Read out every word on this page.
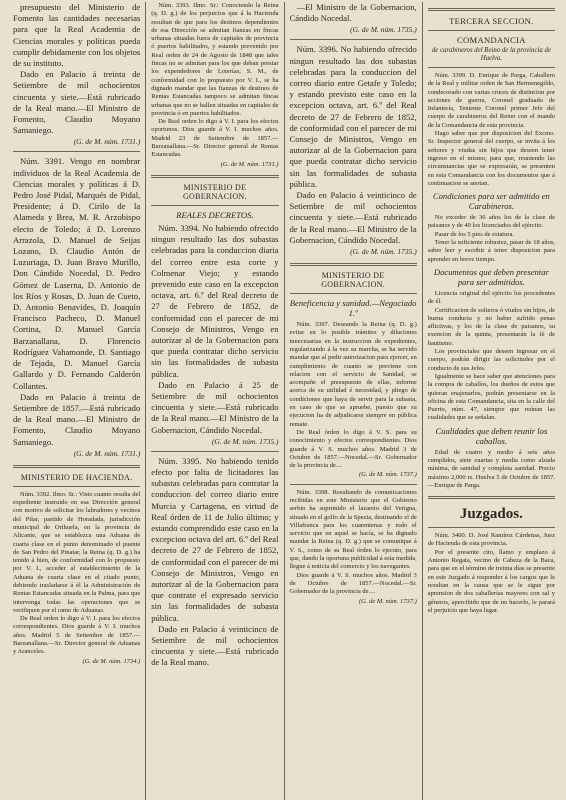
presupuesto del Ministerio de Fomento las cantidades necesarias para que la Real Academia de Ciencias morales y políticas pueda cumplir debidamente con los objetos de su instituto.

Dado en Palacio á treinta de Setiembre de mil ochocientos cincuenta y siete.—Está rubricado de la Real mano.—El Ministro de Fomento, Claudio Moyano Samaniego.

(G. de M. núm. 1731.)

Núm. 3391. Vengo en nombrar individuos de la Real Academia de Ciencias morales y políticas á D. Pedro José Pidal, Marqués de Pidal, Presidente; á D. Cirilo de la Alameda y Brea, M. R. Arzobispo electo de Toledo; á D. Lorenzo Arrazola, D. Manuel de Seijas Lozano, D. Claudio Antón de Luzuriaga, D. Juan Bravo Murillo, Don Cándido Nocedal, D. Pedro Gómez de Laserna, D. Antonio de los Ríos y Rosas, D. Juan de Cueto, D. Antonio Benavides, D. Joaquín Francisco Pacheco, D. Manuel Cortina, D. Manuel García Barzanallana, D. Florencio Rodríguez Vahamonde, D. Santiago de Tejada, D. Manuel García Gallardo y D. Fernando Calderón Collantes.

Dado en Palacio á treinta de Setiembre de 1857.—Está rubricado de la Real mano.—El Ministro de Fomento, Claudio Moyano Samaniego.

(G. de M. núm. 1731.)
MINISTERIO DE HACIENDA.

Núm. 3392. Ilmo. Sr.: Visto cuanto resulta del expediente instruido en esa Dirección general con motivo de solicitar los labradores y vecinos del Pilar, partido de Horadada, jurisdicción municipal de Orihuela, en la provincia de Alicante, que se establezca una Aduana de cuarta clase en el punto denominado el puente de San Pedro del Pinatar, la Reina (q. D. g.) ha tenido á bien, de conformidad con lo propuesto por V. I., acceder al establecimiento de la Aduana de cuarta clase en el citado punto, debiendo trasladarse á él la Administración de Rentas Estancadas situada en la Palma, para que intervenga todas las operaciones que se verifiquen por el ramo de Aduanas.

De Real orden lo digo á V. I. para los efectos correspondientes. Dios guarde á V. I. muchos años. Madrid 5 de Setiembre de 1857.—Barzanallana.—Sr. Director general de Aduanas y Aranceles.

(G. de M. núm. 1734.)

Núm. 3393. Ilmo. Sr.: Conociendo la Reina (q. D. g.) de los perjuicios que á la Hacienda resultan de que para los destinos dependientes de esa Dirección se admitan fianzas en fincas urbanas situadas fuera de capitales de provincia ó puertos habilitados, y estando prevenido por Real orden de 24 de Agosto de 1848 que tales fincas no se admitan para los que deban prestar los expendedores de Loterías; S. M., de conformidad con lo propuesto por V. I., se ha dignado mandar que las fianzas de destinos de Rentas Estancadas tampoco se admitan fincas urbanas que no se hallen situadas en capitales de provincia ó en puertos habilitados.

De Real orden lo digo á V. I. para los efectos oportunos. Dios guarde á V. I. muchos años. Madrid 23 de Setiembre de 1857.—Barzanallana.—Sr. Director general de Rentas Estancadas.

(G. de M. núm. 1731.)
MINISTERIO DE GOBERNACION.
REALES DECRETOS.

Núm. 3394. No habiendo ofrecido ningun resultado las dos subastas celebradas para la conduccion diaria del correo entre esta corte y Colmenar Viejo; y estando prevenido este caso en la excepcion octava, art. 6.º del Real decreto de 27 de Febrero de 1852, de conformidad con el parecer de mi Consejo de Ministros, Vengo en autorizar al de la Gobernacion para que pueda contratar dicho servicio sin las formalidades de subasta pública.

Dado en Palacio á 25 de Setiembre de mil ochocientos cincuenta y siete.—Está rubricado de la Real mano.—El Ministro de la Gobernacion, Cándido Nocedal.

(G. de M. núm. 1735.)

Núm. 3395. No habiendo tenido efecto por falta de licitadores las subastas celebradas para contratar la conduccion del correo diario entre Murcia y Cartagena, en virtud de Real órden de 11 de Julio último; y estando comprendido este caso en la excepcion octava del art. 6.º del Real decreto de 27 de Febrero de 1852, de conformidad con el parecer de mi Consejo de Ministros, Vengo en autorizar al de la Gobernacion para que contrate el expresado servicio sin las formalidades de subasta pública.

Dado en Palacio á veinticinco de Setiembre de mil ochocientos cincuenta y siete.—Está rubricado de la Real mano.

—El Ministro de la Gobernacion, Cándido Nocedal.

(G. de M. núm. 1735.)

Núm. 3396. No habiendo ofrecido ningun resultado las dos subastas celebradas para la conduccion del correo diario entre Getafe y Toledo; y estando previsto este caso en la excepcion octava, art. 6.º del Real decreto de 27 de Febrero de 1852, de conformidad con el parecer de mi Consejo de Ministros, Vengo en autorizar al de la Gobernacion para que pueda contratar dicho servicio sin las formalidades de subasta pública.

Dado en Palacio á veinticinco de Setiembre de mil ochocientos cincuenta y siete.—Está rubricado de la Real mano.—El Ministro de la Gobernacion, Cándido Nocedal.

(G. de M. núm. 1735.)
MINISTERIO DE GOBERNACION.
Beneficencia y sanidad.—Negociado 1.º

Núm. 3397. Deseando la Reina (q. D. g.) evitar en lo posible trámites y dilaciones innecesarias en la instruccion de expedientes, regularizando á la vez su marcha, se ha servido mandar que al pedir autorizacion para ejercer, en cumplimiento de cuanto se previene con relacion con el servicio de Sanidad, se acompañe el presupuesto de ellas, informe acerca de su utilidad é necesidad, y pliego de condiciones que haya de servir para la subasta, en caso de que se apruebe, puesto que su ejecucion ha de adjudicarse siempre en pública remate.

De Real órden lo digo á V. S. para su conocimiento y efectos correspondientes. Dios guarde á V. S. muchos años. Madrid 3 de Octubre de 1857.—Nocedal.—Sr. Gobernador de la provincia de....

(G. de M. núm. 1737.)

Núm. 3398. Resultando de comunicaciones recibidas en este Ministerio que el Gobierno serbio ha suprimido el lazareto del Verigna, situado en el golfo de la Spezia, destinando el de Villafranca para los cuarentenas y todo el servicio que en aquel se hacía, se ha dignado mandar la Reina (q. D. g.) que se comunique á V. S., como de su Real órden lo ejecuto, para que, dando la oportuna publicidad á esta medida, llegue á noticia del comercio y los navegantes.

Dios guarde á V. S. muchos años. Madrid 3 de Octubre de 1857.—Nocedal.—Sr. Gobernador de la provincia de....

(G. de M. núm. 1737.)
TERCERA SECCION.
COMANDANCIA
de carabineros del Reino de la provincia de Huelva.

Núm. 3399. D. Enrique de Parga, Caballero de la Real y militar orden de San Hermenegildo, condecorado con varias cruces de distincion por acciones de guerra, Coronel graduado de Infantería, Teniente Coronel primer Jefe del cuerpo de carabineros del Reino con el mando de la Comandancia de esta provincia.

Hago saber que por disposicion del Excmo. Sr. Inspector general del cuerpo, se invita á los señores y viudas sin hijos que deseen tener ingreso en el mismo, para que, reuniendo las circunstancias que se expresarán, se presenten en esta Comandancia con los documentos que á continuacion se anotan.

Condiciones para ser admitido en Carabineros.

No exceder de 36 años los de la clase de paisanos y de 40 los licenciados del ejército.

Pasar de los 5 pies de estatura.

Tener la suficiente robustez, pasar de 18 años, saber leer y escribir á tener disposicion para aprender en breve tiempo.

Documentos que deben presentar para ser admitidos.

Licencia original del ejército los procedentes de él.

Certificacion de solteros ó viudos sin hijos, de buena conducta y no haber sufrido penas aflictivas, y los de la clase de paisanos, su exencion de la quinta, presentarán la fé de bautismo.

Los provinciales que deseen ingresar en el cuerpo, podrán dirigir las solicitudes por el conducto de sus Jefes.

Igualmente se hace saber que atenciones para la compra de caballos, los dueños de estos que quieran enajenarlos, podrán presentarse en la oficina de esta Comandancia, sita en la calle del Puerto, núm. 47, siempre que reúnan las cualidades que se señalan.

Cualidades que deben reunir los caballos.

Edad de cuatro y medio á seis años cumplidos, siete cuartas y media como alzada mínima, de sanidad y completa sanidad. Precio máximo 2,000 rs. Huelva 5 de Octubre de 1857.—Enrique de Parga.

Juzgados.

Núm. 3400. D. José Ramírez Cárdenas, Juez de Hacienda de esta provincia.

Por el presente cito, llamo y emplazo á Antonio Regata, vecino de Cabeza de la Baca, para que en el término de treinta días se presente en este Juzgado á responder á los cargos que le resultan en la causa que se le sigue por aprension de dos caballerías mayores con sal y géneros, apercibido que de no hacerlo, le parará el perjuicio que haya lugar.
